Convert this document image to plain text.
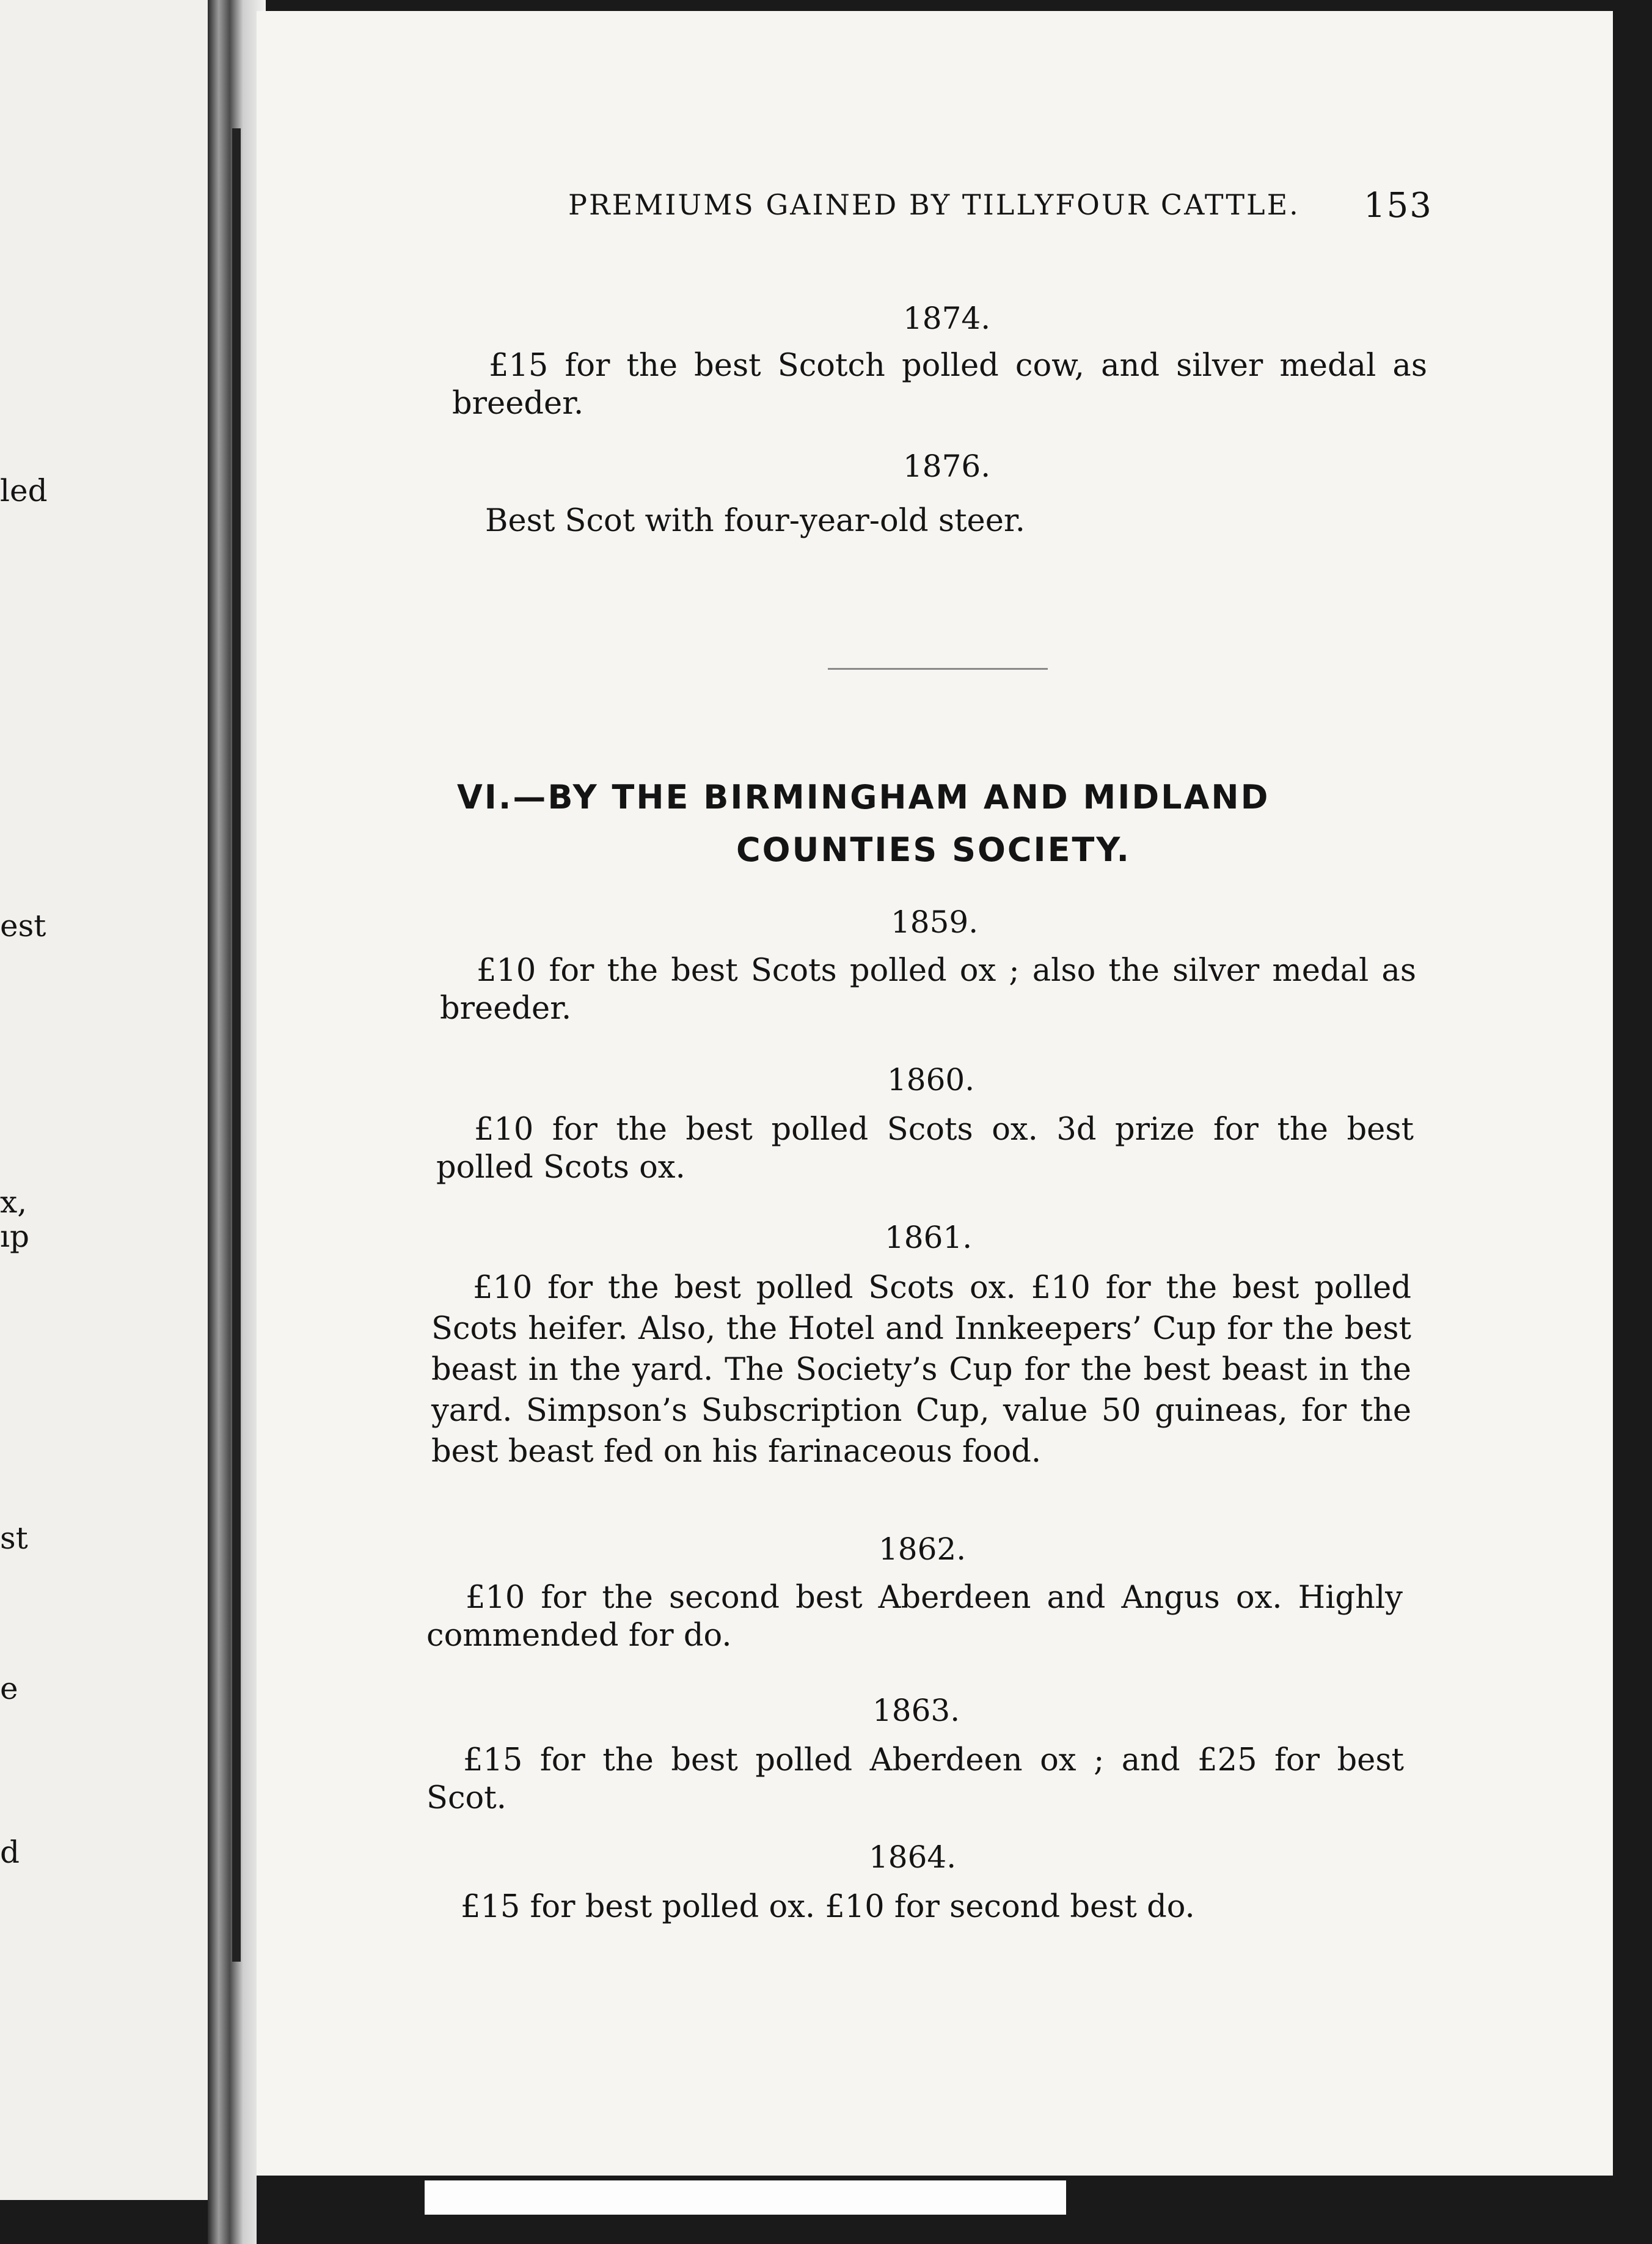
led
est
x,
ıp
st
e
d
PREMIUMS GAINED BY TILLYFOUR CATTLE. 153
1874.

£15 for the best Scotch polled cow, and silver medal as breeder.

1876.

Best Scot with four-year-old steer.

VI.—BY THE BIRMINGHAM AND MIDLAND
COUNTIES SOCIETY.
1859.

£10 for the best Scots polled ox ; also the silver medal as breeder.

1860.

£10 for the best polled Scots ox. 3d prize for the best polled Scots ox.

1861.

£10 for the best polled Scots ox. £10 for the best polled Scots heifer. Also, the Hotel and Innkeepers’ Cup for the best beast in the yard. The Society’s Cup for the best beast in the yard. Simpson’s Subscription Cup, value 50 guineas, for the best beast fed on his farinaceous food.

1862.

£10 for the second best Aberdeen and Angus ox. Highly commended for do.

1863.

£15 for the best polled Aberdeen ox ; and £25 for best Scot.

1864.

£15 for best polled ox. £10 for second best do.
